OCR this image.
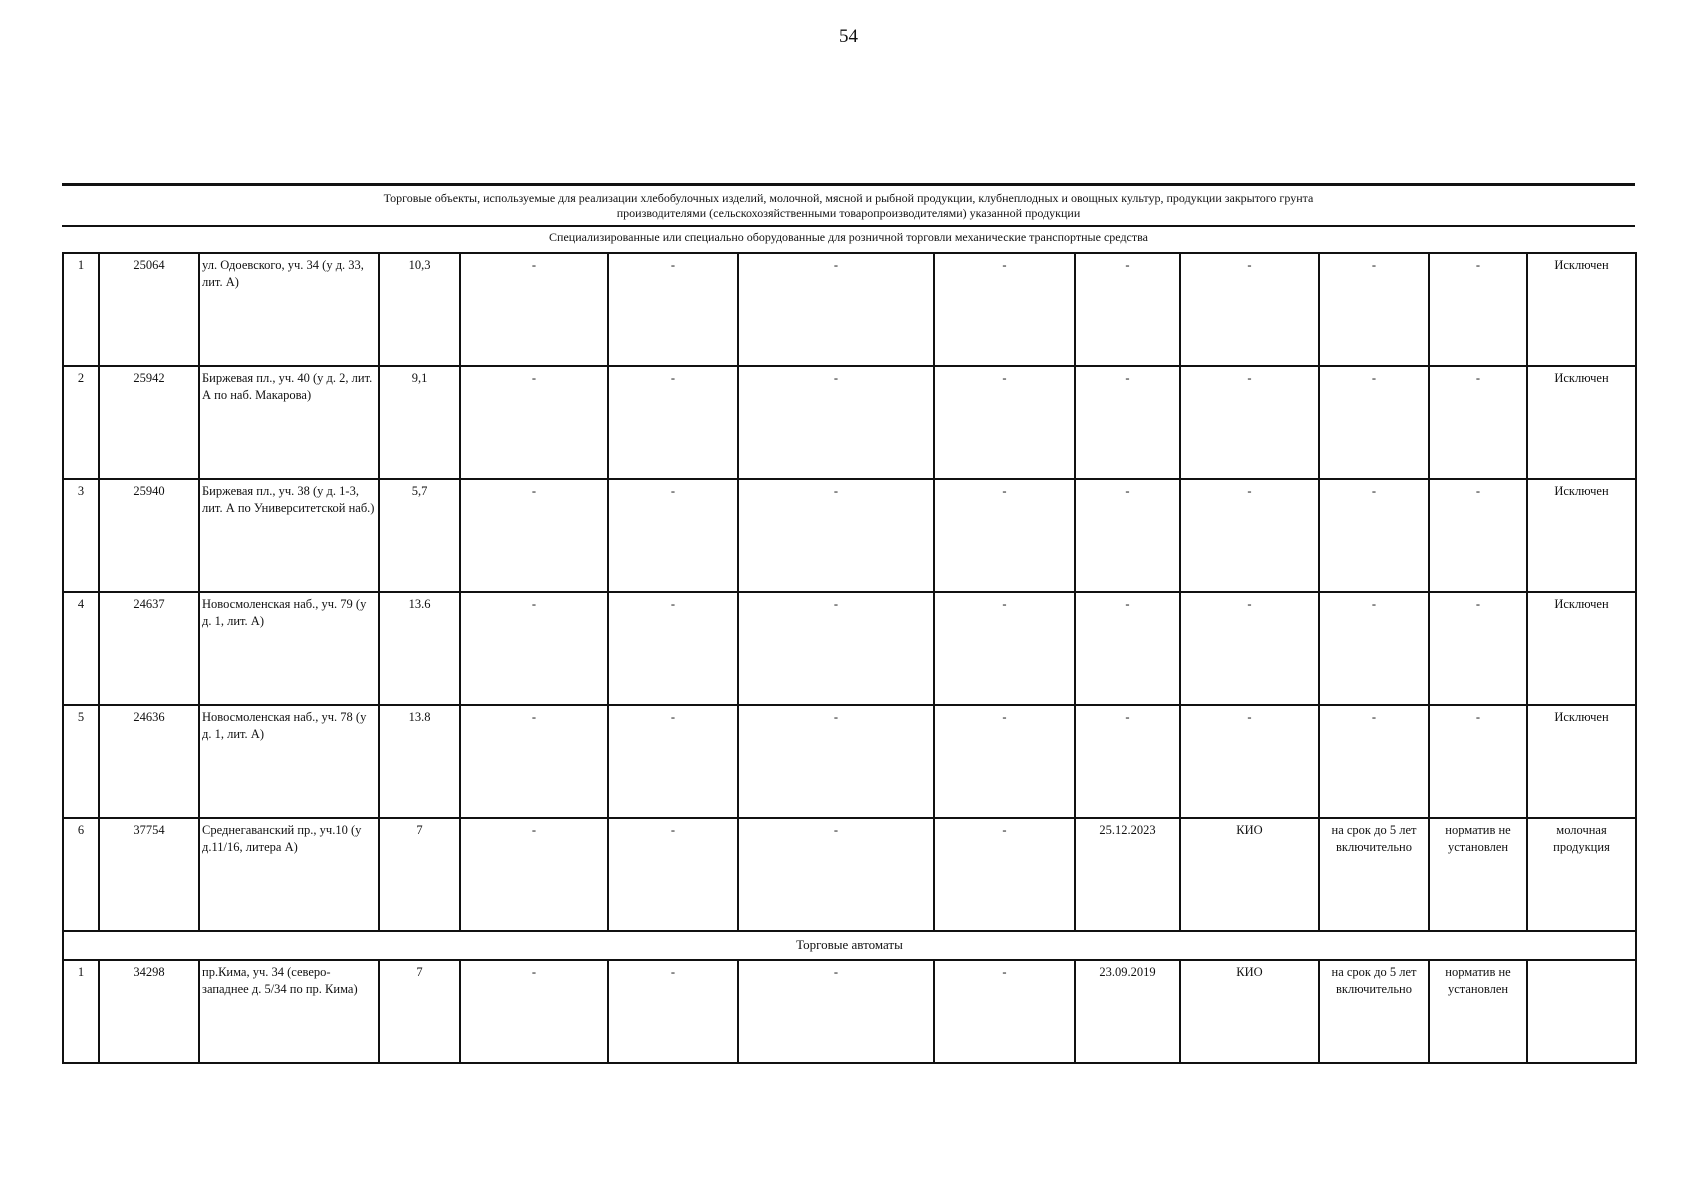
54
Торговые объекты, используемые для реализации хлебобулочных изделий, молочной, мясной и рыбной продукции, клубнеплодных и овощных культур, продукции закрытого грунта
производителями (сельскохозяйственными товаропроизводителями) указанной продукции
Специализированные или специально оборудованные для розничной торговли механические транспортные средства
1	25064	ул. Одоевского, уч. 34 (у д. 33, лит. А)	10,3	-	-	-	-	-	-	-	-	Исключен
2	25942	Биржевая пл., уч. 40 (у д. 2, лит. А по наб. Макарова)	9,1	-	-	-	-	-	-	-	-	Исключен
3	25940	Биржевая пл., уч. 38 (у д. 1-3, лит. А по Университетской наб.)	5,7	-	-	-	-	-	-	-	-	Исключен
4	24637	Новосмоленская наб., уч. 79 (у д. 1, лит. А)	13.6	-	-	-	-	-	-	-	-	Исключен
5	24636	Новосмоленская наб., уч. 78 (у д. 1, лит. А)	13.8	-	-	-	-	-	-	-	-	Исключен
6	37754	Среднегаванский пр., уч.10 (у д.11/16, литера А)	7	-	-	-	-	25.12.2023	КИО	на срок до 5 лет включительно	норматив не установлен	молочная продукция
Торговые автоматы												
1	34298	пр.Кима, уч. 34 (северо-западнее д. 5/34 по пр. Кима)	7	-	-	-	-	23.09.2019	КИО	на срок до 5 лет включительно	норматив не установлен	
